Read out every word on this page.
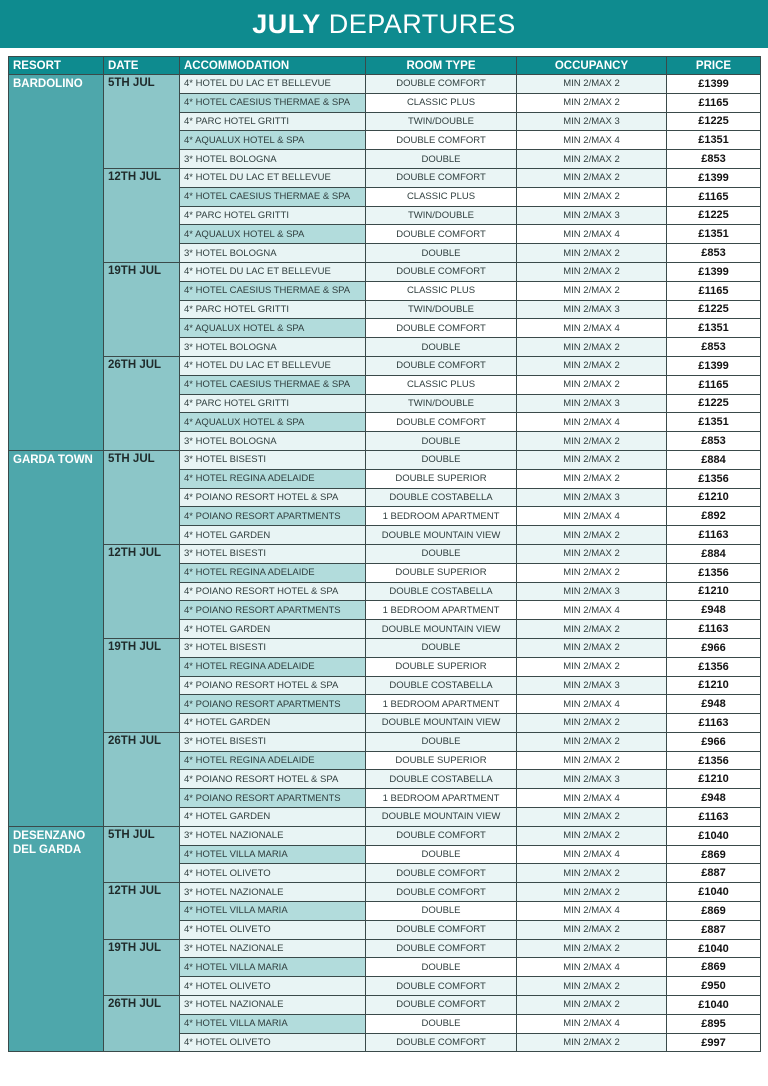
JULY DEPARTURES
RESORT	DATE	ACCOMMODATION	ROOM TYPE	OCCUPANCY	PRICE
BARDOLINO	5TH JUL	4* HOTEL DU LAC ET BELLEVUE	DOUBLE COMFORT	MIN 2/MAX 2	£1399
		4* HOTEL CAESIUS THERMAE & SPA	CLASSIC PLUS	MIN 2/MAX 2	£1165
		4* PARC HOTEL GRITTI	TWIN/DOUBLE	MIN 2/MAX 3	£1225
		4* AQUALUX HOTEL & SPA	DOUBLE COMFORT	MIN 2/MAX 4	£1351
		3* HOTEL BOLOGNA	DOUBLE	MIN 2/MAX 2	£853
	12TH JUL	4* HOTEL DU LAC ET BELLEVUE	DOUBLE COMFORT	MIN 2/MAX 2	£1399
		4* HOTEL CAESIUS THERMAE & SPA	CLASSIC PLUS	MIN 2/MAX 2	£1165
		4* PARC HOTEL GRITTI	TWIN/DOUBLE	MIN 2/MAX 3	£1225
		4* AQUALUX HOTEL & SPA	DOUBLE COMFORT	MIN 2/MAX 4	£1351
		3* HOTEL BOLOGNA	DOUBLE	MIN 2/MAX 2	£853
	19TH JUL	4* HOTEL DU LAC ET BELLEVUE	DOUBLE COMFORT	MIN 2/MAX 2	£1399
		4* HOTEL CAESIUS THERMAE & SPA	CLASSIC PLUS	MIN 2/MAX 2	£1165
		4* PARC HOTEL GRITTI	TWIN/DOUBLE	MIN 2/MAX 3	£1225
		4* AQUALUX HOTEL & SPA	DOUBLE COMFORT	MIN 2/MAX 4	£1351
		3* HOTEL BOLOGNA	DOUBLE	MIN 2/MAX 2	£853
	26TH JUL	4* HOTEL DU LAC ET BELLEVUE	DOUBLE COMFORT	MIN 2/MAX 2	£1399
		4* HOTEL CAESIUS THERMAE & SPA	CLASSIC PLUS	MIN 2/MAX 2	£1165
		4* PARC HOTEL GRITTI	TWIN/DOUBLE	MIN 2/MAX 3	£1225
		4* AQUALUX HOTEL & SPA	DOUBLE COMFORT	MIN 2/MAX 4	£1351
		3* HOTEL BOLOGNA	DOUBLE	MIN 2/MAX 2	£853
GARDA TOWN	5TH JUL	3* HOTEL BISESTI	DOUBLE	MIN 2/MAX 2	£884
		4* HOTEL REGINA ADELAIDE	DOUBLE SUPERIOR	MIN 2/MAX 2	£1356
		4* POIANO RESORT HOTEL & SPA	DOUBLE COSTABELLA	MIN 2/MAX 3	£1210
		4* POIANO RESORT APARTMENTS	1 BEDROOM APARTMENT	MIN 2/MAX 4	£892
		4* HOTEL GARDEN	DOUBLE MOUNTAIN VIEW	MIN 2/MAX 2	£1163
	12TH JUL	3* HOTEL BISESTI	DOUBLE	MIN 2/MAX 2	£884
		4* HOTEL REGINA ADELAIDE	DOUBLE SUPERIOR	MIN 2/MAX 2	£1356
		4* POIANO RESORT HOTEL & SPA	DOUBLE COSTABELLA	MIN 2/MAX 3	£1210
		4* POIANO RESORT APARTMENTS	1 BEDROOM APARTMENT	MIN 2/MAX 4	£948
		4* HOTEL GARDEN	DOUBLE MOUNTAIN VIEW	MIN 2/MAX 2	£1163
	19TH JUL	3* HOTEL BISESTI	DOUBLE	MIN 2/MAX 2	£966
		4* HOTEL REGINA ADELAIDE	DOUBLE SUPERIOR	MIN 2/MAX 2	£1356
		4* POIANO RESORT HOTEL & SPA	DOUBLE COSTABELLA	MIN 2/MAX 3	£1210
		4* POIANO RESORT APARTMENTS	1 BEDROOM APARTMENT	MIN 2/MAX 4	£948
		4* HOTEL GARDEN	DOUBLE MOUNTAIN VIEW	MIN 2/MAX 2	£1163
	26TH JUL	3* HOTEL BISESTI	DOUBLE	MIN 2/MAX 2	£966
		4* HOTEL REGINA ADELAIDE	DOUBLE SUPERIOR	MIN 2/MAX 2	£1356
		4* POIANO RESORT HOTEL & SPA	DOUBLE COSTABELLA	MIN 2/MAX 3	£1210
		4* POIANO RESORT APARTMENTS	1 BEDROOM APARTMENT	MIN 2/MAX 4	£948
		4* HOTEL GARDEN	DOUBLE MOUNTAIN VIEW	MIN 2/MAX 2	£1163
DESENZANO DEL GARDA	5TH JUL	3* HOTEL NAZIONALE	DOUBLE COMFORT	MIN 2/MAX 2	£1040
		4* HOTEL VILLA MARIA	DOUBLE	MIN 2/MAX 4	£869
		4* HOTEL OLIVETO	DOUBLE COMFORT	MIN 2/MAX 2	£887
	12TH JUL	3* HOTEL NAZIONALE	DOUBLE COMFORT	MIN 2/MAX 2	£1040
		4* HOTEL VILLA MARIA	DOUBLE	MIN 2/MAX 4	£869
		4* HOTEL OLIVETO	DOUBLE COMFORT	MIN 2/MAX 2	£887
	19TH JUL	3* HOTEL NAZIONALE	DOUBLE COMFORT	MIN 2/MAX 2	£1040
		4* HOTEL VILLA MARIA	DOUBLE	MIN 2/MAX 4	£869
		4* HOTEL OLIVETO	DOUBLE COMFORT	MIN 2/MAX 2	£950
	26TH JUL	3* HOTEL NAZIONALE	DOUBLE COMFORT	MIN 2/MAX 2	£1040
		4* HOTEL VILLA MARIA	DOUBLE	MIN 2/MAX 4	£895
		4* HOTEL OLIVETO	DOUBLE COMFORT	MIN 2/MAX 2	£997
